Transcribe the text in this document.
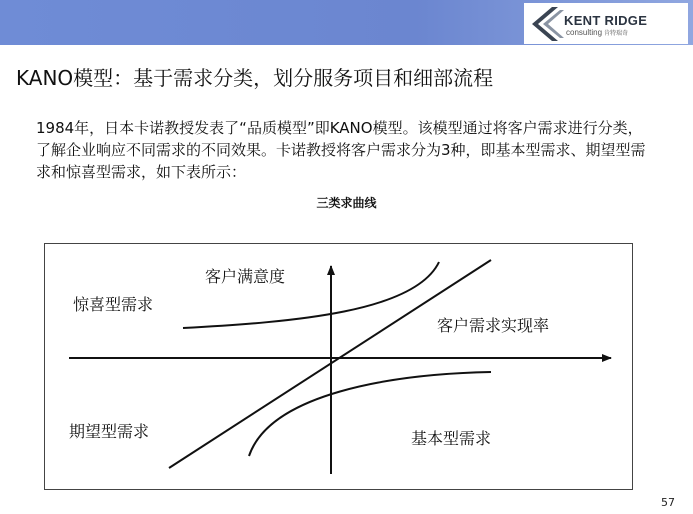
KENT RIDGE
consulting 肯特瑞奇
KANO模型：基于需求分类，划分服务项目和细部流程
1984年，日本卡诺教授发表了“品质模型”即KANO模型。该模型通过将客户需求进行分类，了解企业响应不同需求的不同效果。卡诺教授将客户需求分为3种，即基本型需求、期望型需求和惊喜型需求，如下表所示：
三类求曲线
客户满意度
客户需求实现率
惊喜型需求
期望型需求	基本型需求
57
